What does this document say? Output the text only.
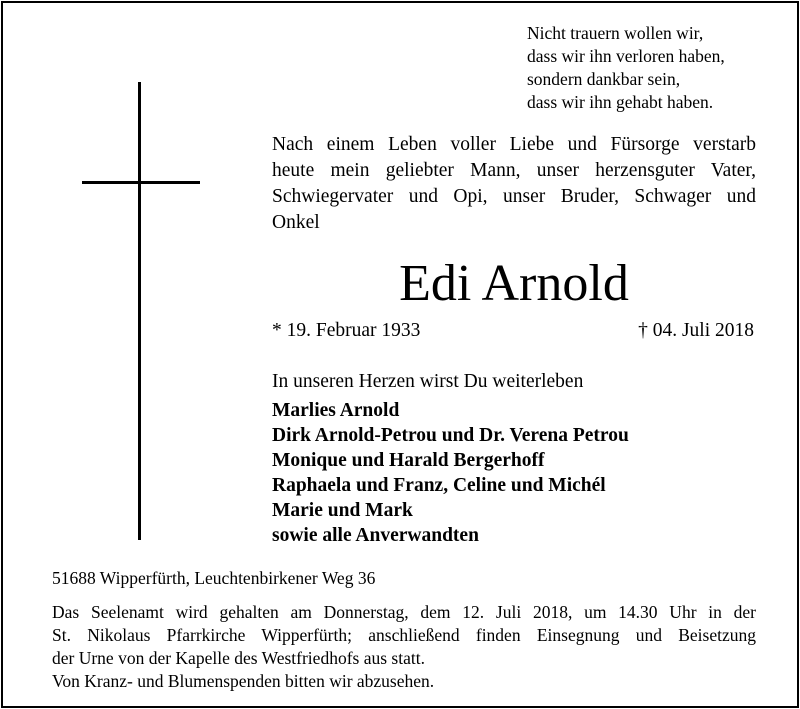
Nicht trauern wollen wir,
dass wir ihn verloren haben,
sondern dankbar sein,
dass wir ihn gehabt haben.
Nach einem Leben voller Liebe und Fürsorge verstarb
heute mein geliebter Mann, unser herzensguter Vater,
Schwiegervater und Opi, unser Bruder, Schwager und
Onkel
Edi Arnold
* 19. Februar 1933	† 04. Juli 2018
In unseren Herzen wirst Du weiterleben
Marlies Arnold
Dirk Arnold-Petrou und Dr. Verena Petrou
Monique und Harald Bergerhoff
Raphaela und Franz, Celine und Michél
Marie und Mark
sowie alle Anverwandten
51688 Wipperfürth, Leuchtenbirkener Weg 36
Das Seelenamt wird gehalten am Donnerstag, dem 12. Juli 2018, um 14.30 Uhr in der
St. Nikolaus Pfarrkirche Wipperfürth; anschließend finden Einsegnung und Beisetzung
der Urne von der Kapelle des Westfriedhofs aus statt.
Von Kranz- und Blumenspenden bitten wir abzusehen.
